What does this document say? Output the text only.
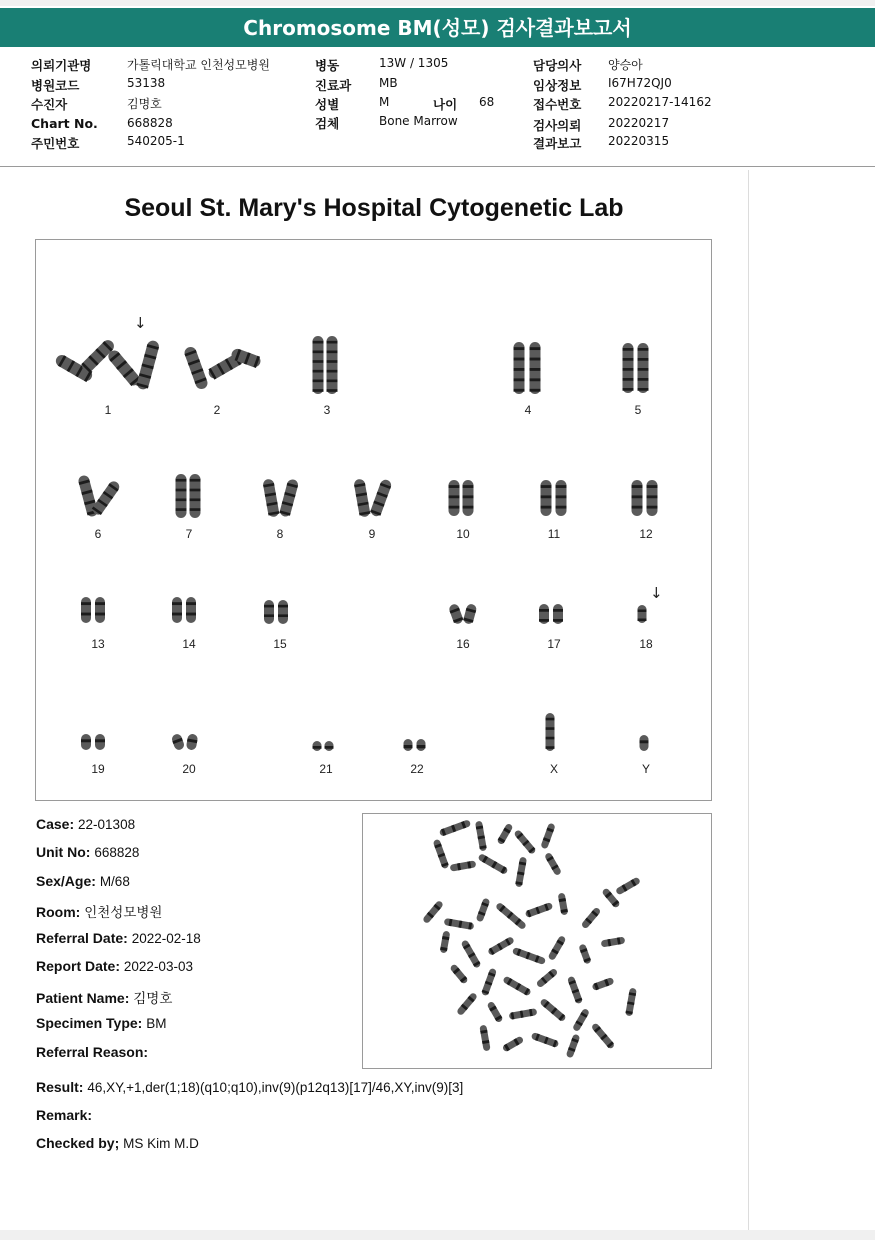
Chromosome BM(성모) 검사결과보고서
의뢰기관명	가톨릭대학교 인천성모병원
병원코드	53138
수진자	김명호
Chart No. 668828
주민번호	540205-1
병동	13W / 1305
진료과 MB
성별	M	나이 68
검체	Bone Marrow
담당의사 양승아
임상정보 I67H72QJ0
접수번호 20220217-14162
검사의뢰 20220217
결과보고 20220315
Seoul St. Mary's Hospital Cytogenetic Lab
1	2	3	4	5
6	7	8	9	10	11	12
13	14	15	16	17	18
19	20	21	22	X	Y
↓
↓
Case: 22-01308
Unit No: 668828
Sex/Age: M/68
Room: 인천성모병원
Referral Date: 2022-02-18
Report Date: 2022-03-03
Patient Name: 김명호
Specimen Type: BM
Referral Reason:
Result: 46,XY,+1,der(1;18)(q10;q10),inv(9)(p12q13)[17]/46,XY,inv(9)[3]
Remark:
Checked by; MS Kim M.D
